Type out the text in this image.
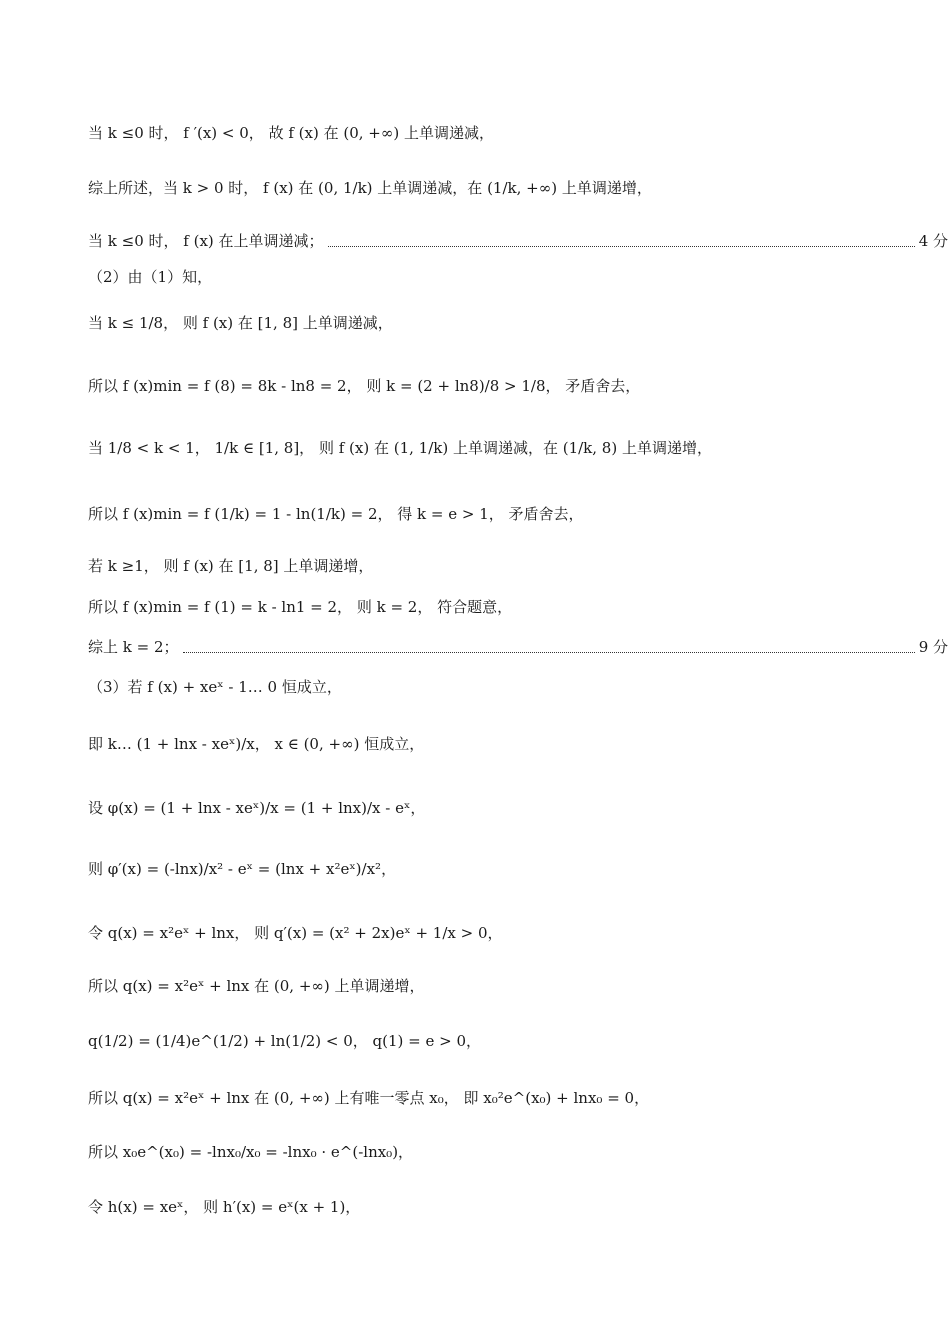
当 k ≤0 时， f ′(x) < 0， 故 f (x) 在 (0, +∞) 上单调递减，
综上所述，当 k > 0 时， f (x) 在 (0, 1/k) 上单调递减，在 (1/k, +∞) 上单调递增，
当 k ≤0 时， f (x) 在上单调递减；	4 分
（2）由（1）知，
当 k ≤ 1/8， 则 f (x) 在 [1, 8] 上单调递减，
所以 f (x)min = f (8) = 8k - ln8 = 2， 则 k = (2 + ln8)/8 > 1/8， 矛盾舍去，
当 1/8 < k < 1， 1/k ∈ [1, 8]， 则 f (x) 在 (1, 1/k) 上单调递减，在 (1/k, 8) 上单调递增，
所以 f (x)min = f (1/k) = 1 - ln(1/k) = 2， 得 k = e > 1， 矛盾舍去，
若 k ≥1， 则 f (x) 在 [1, 8] 上单调递增，
所以 f (x)min = f (1) = k - ln1 = 2， 则 k = 2， 符合题意，
综上 k = 2；	9 分
（3）若 f (x) + xeˣ - 1… 0 恒成立，
即 k… (1 + lnx - xeˣ)/x， x ∈ (0, +∞) 恒成立，
设 φ(x) = (1 + lnx - xeˣ)/x = (1 + lnx)/x - eˣ，
则 φ′(x) = (-lnx)/x² - eˣ = (lnx + x²eˣ)/x²，
令 q(x) = x²eˣ + lnx， 则 q′(x) = (x² + 2x)eˣ + 1/x > 0，
所以 q(x) = x²eˣ + lnx 在 (0, +∞) 上单调递增，
q(1/2) = (1/4)e^(1/2) + ln(1/2) < 0， q(1) = e > 0，
所以 q(x) = x²eˣ + lnx 在 (0, +∞) 上有唯一零点 x₀， 即 x₀²e^(x₀) + lnx₀ = 0，
所以 x₀e^(x₀) = -lnx₀/x₀ = -lnx₀ · e^(-lnx₀)，
令 h(x) = xeˣ， 则 h′(x) = eˣ(x + 1)，
